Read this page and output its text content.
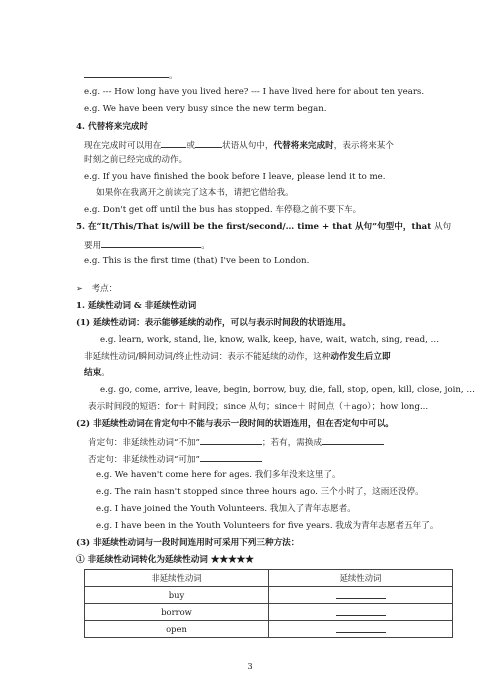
。
e.g. --- How long have you lived here? --- I have lived here for about ten years.
e.g. We have been very busy since the new term began.
4. 代替将来完成时
现在完成时可以用在	或	状语从句中，代替将来完成时，表示将来某个
时刻之前已经完成的动作。
e.g. If you have finished the book before I leave, please lend it to me.
如果你在我离开之前读完了这本书，请把它借给我。
e.g. Don't get off until the bus has stopped. 车停稳之前不要下车。
5. 在“It/This/That is/will be the first/second/… time + that 从句”句型中，that 从句
要用	。
e.g. This is the first time (that) I've been to London.
➢ 考点：
1. 延续性动词 & 非延续性动词
(1) 延续性动词：表示能够延续的动作，可以与表示时间段的状语连用。
e.g. learn, work, stand, lie, know, walk, keep, have, wait, watch, sing, read, …
非延续性动词/瞬间动词/终止性动词：表示不能延续的动作，这种动作发生后立即
结束。
e.g. go, come, arrive, leave, begin, borrow, buy, die, fall, stop, open, kill, close, join, …
表示时间段的短语：for＋ 时间段；since 从句；since＋ 时间点（＋ago）；how long...
(2) 非延续性动词在肯定句中不能与表示一段时间的状语连用，但在否定句中可以。
肯定句：非延续性动词“不加”	；若有，需换成
否定句：非延续性动词“可加”
e.g. We haven't come here for ages. 我们多年没来这里了。
e.g. The rain hasn't stopped since three hours ago. 三个小时了，这雨还没停。
e.g. I have joined the Youth Volunteers. 我加入了青年志愿者。
e.g. I have been in the Youth Volunteers for five years. 我成为青年志愿者五年了。
(3) 非延续性动词与一段时间连用时可采用下列三种方法：
① 非延续性动词转化为延续性动词 ★★★★★
非延续性动词	延续性动词
buy	
borrow	
open	
3
